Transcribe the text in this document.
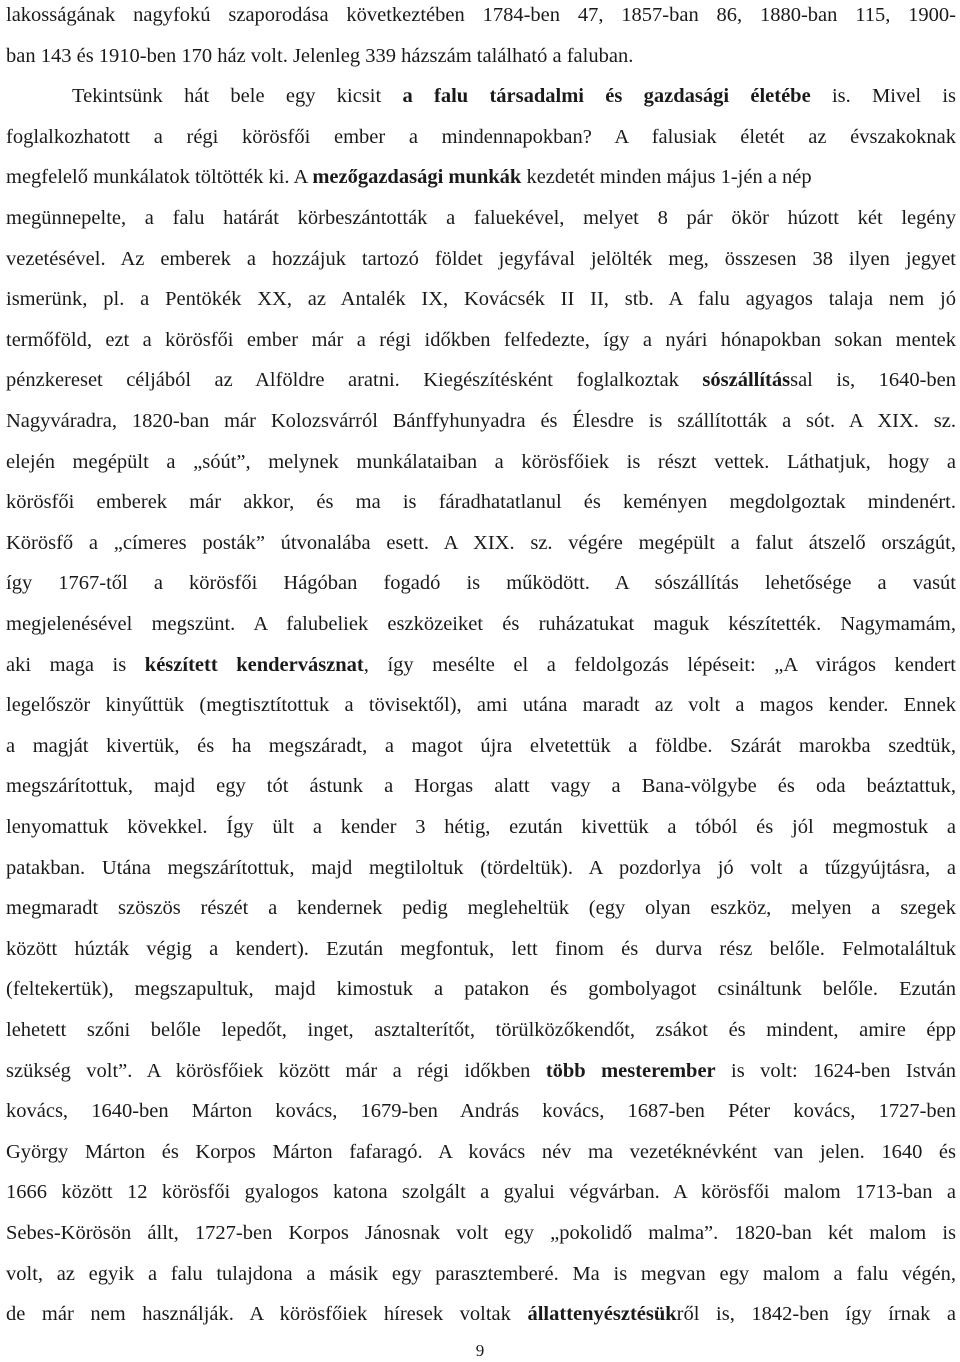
lakosságának nagyfokú szaporodása következtében 1784-ben 47, 1857-ban 86, 1880-ban 115, 1900-
ban 143 és 1910-ben 170 ház volt. Jelenleg 339 házszám található a faluban.
Tekintsünk hát bele egy kicsit a falu társadalmi és gazdasági életébe is. Mivel is
foglalkozhatott a régi körösfői ember a mindennapokban? A falusiak életét az évszakoknak
megfelelő munkálatok töltötték ki. A mezőgazdasági munkák kezdetét minden május 1-jén a nép
megünnepelte, a falu határát körbeszántották a faluekével, melyet 8 pár ökör húzott két legény
vezetésével. Az emberek a hozzájuk tartozó földet jegyfával jelölték meg, összesen 38 ilyen jegyet
ismerünk, pl. a Pentökék XX, az Antalék IX, Kovácsék II II, stb. A falu agyagos talaja nem jó
termőföld, ezt a körösfői ember már a régi időkben felfedezte, így a nyári hónapokban sokan mentek
pénzkereset céljából az Alföldre aratni. Kiegészítésként foglalkoztak sószállítással is, 1640-ben
Nagyváradra, 1820-ban már Kolozsvárról Bánffyhunyadra és Élesdre is szállították a sót. A XIX. sz.
elején megépült a „sóút”, melynek munkálataiban a körösfőiek is részt vettek. Láthatjuk, hogy a
körösfői emberek már akkor, és ma is fáradhatatlanul és keményen megdolgoztak mindenért.
Körösfő a „címeres posták” útvonalába esett. A XIX. sz. végére megépült a falut átszelő országút,
így 1767-től a körösfői Hágóban fogadó is működött. A sószállítás lehetősége a vasút
megjelenésével megszünt. A falubeliek eszközeiket és ruházatukat maguk készítették. Nagymamám,
aki maga is készített kendervásznat, így mesélte el a feldolgozás lépéseit: „A virágos kendert
legelőször kinyűttük (megtisztítottuk a tövisektől), ami utána maradt az volt a magos kender. Ennek
a magját kivertük, és ha megszáradt, a magot újra elvetettük a földbe. Szárát marokba szedtük,
megszárítottuk, majd egy tót ástunk a Horgas alatt vagy a Bana-völgybe és oda beáztattuk,
lenyomattuk kövekkel. Így ült a kender 3 hétig, ezután kivettük a tóból és jól megmostuk a
patakban. Utána megszárítottuk, majd megtiloltuk (tördeltük). A pozdorlya jó volt a tűzgyújtásra, a
megmaradt szöszös részét a kendernek pedig megleheltük (egy olyan eszköz, melyen a szegek
között húzták végig a kendert). Ezután megfontuk, lett finom és durva rész belőle. Felmotaláltuk
(feltekertük), megszapultuk, majd kimostuk a patakon és gombolyagot csináltunk belőle. Ezután
lehetett szőni belőle lepedőt, inget, asztalterítőt, törülközőkendőt, zsákot és mindent, amire épp
szükség volt”. A körösfőiek között már a régi időkben több mesterember is volt: 1624-ben István
kovács, 1640-ben Márton kovács, 1679-ben András kovács, 1687-ben Péter kovács, 1727-ben
György Márton és Korpos Márton fafaragó. A kovács név ma vezetéknévként van jelen. 1640 és
1666 között 12 körösfői gyalogos katona szolgált a gyalui végvárban. A körösfői malom 1713-ban a
Sebes-Körösön állt, 1727-ben Korpos Jánosnak volt egy „pokolidő malma”. 1820-ban két malom is
volt, az egyik a falu tulajdona a másik egy parasztemberé. Ma is megvan egy malom a falu végén,
de már nem használják. A körösfőiek híresek voltak állattenyésztésükről is, 1842-ben így írnak a
9
